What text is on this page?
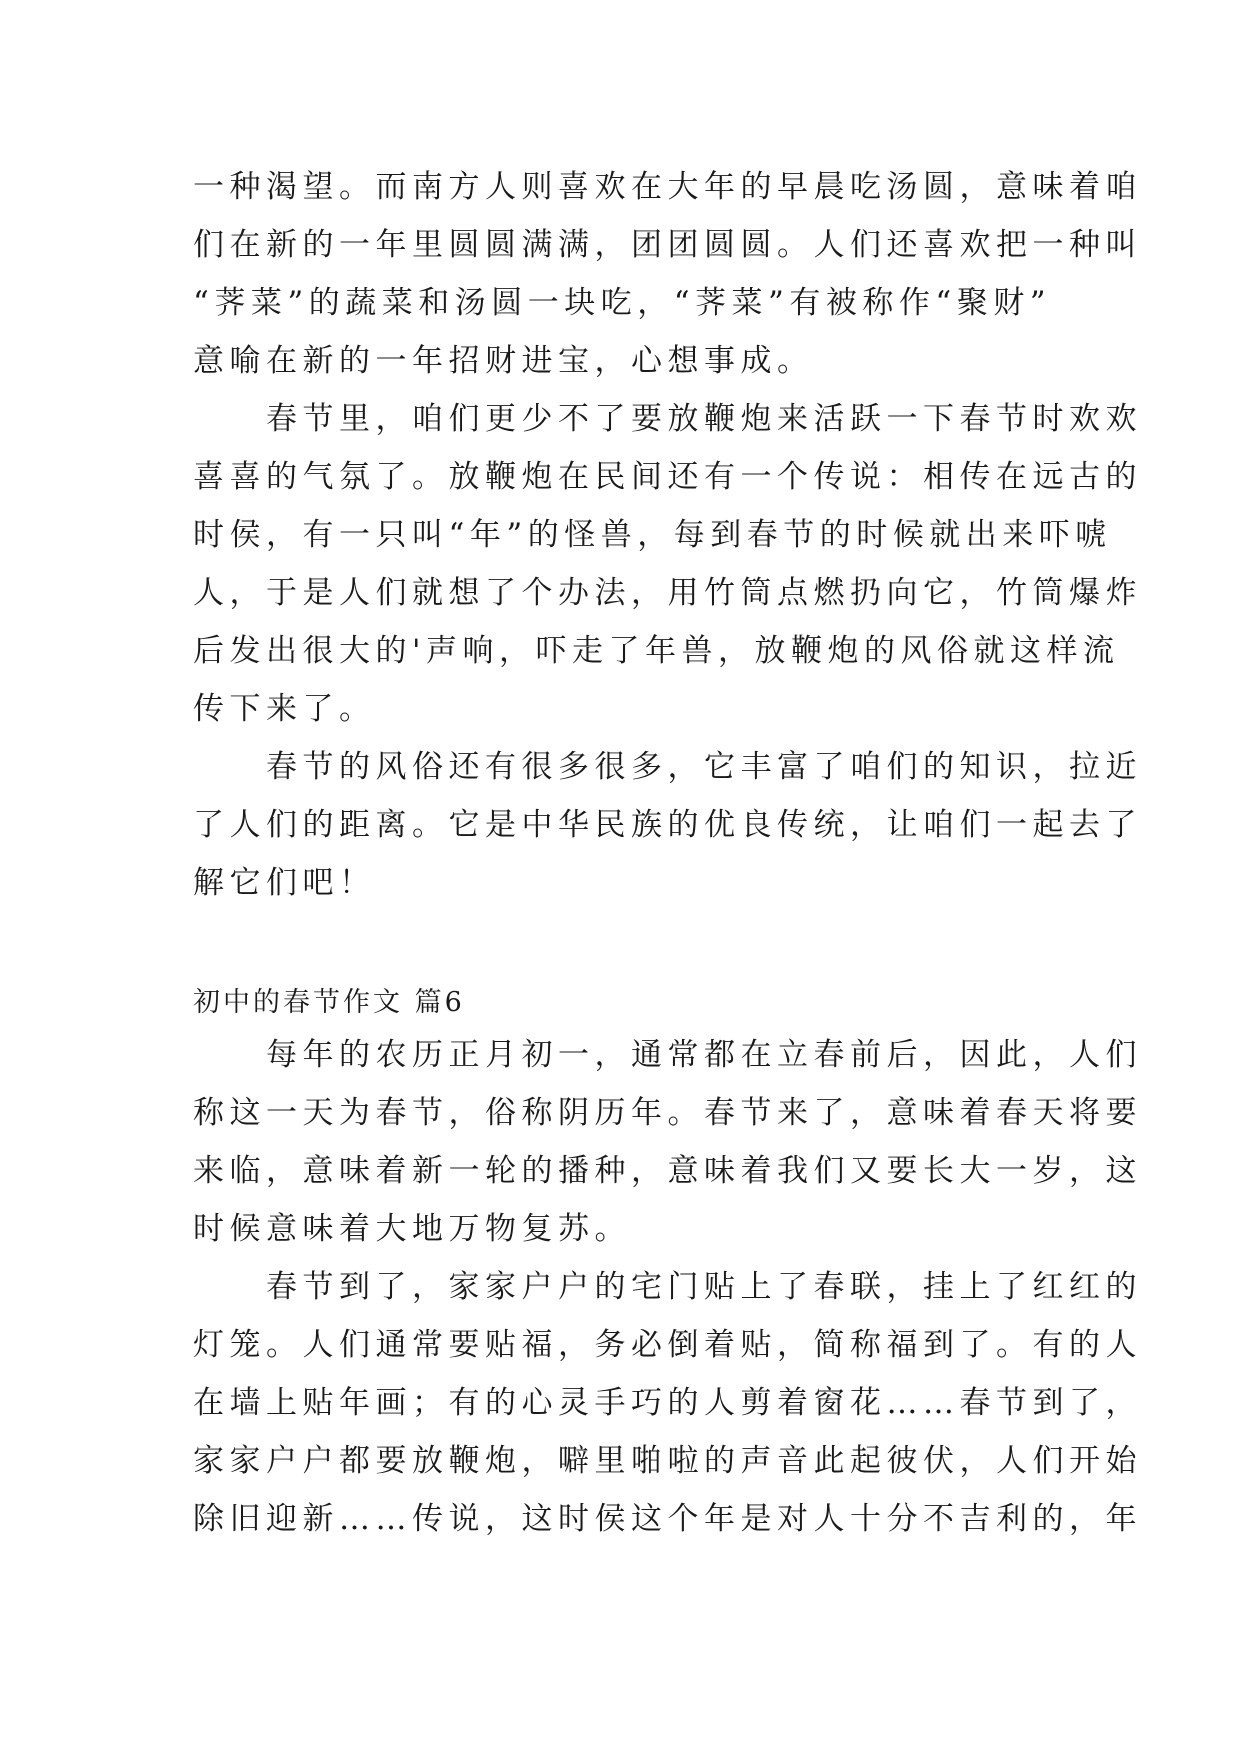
一种渴望。而南方人则喜欢在大年的早晨吃汤圆，意味着咱
们在新的一年里圆圆满满，团团圆圆。人们还喜欢把一种叫
“荠菜”的蔬菜和汤圆一块吃，“荠菜”有被称作“聚财”
意喻在新的一年招财进宝，心想事成。
　　春节里，咱们更少不了要放鞭炮来活跃一下春节时欢欢
喜喜的气氛了。放鞭炮在民间还有一个传说：相传在远古的
时侯，有一只叫“年”的怪兽，每到春节的时候就出来吓唬
人，于是人们就想了个办法，用竹筒点燃扔向它，竹筒爆炸
后发出很大的'声响，吓走了年兽，放鞭炮的风俗就这样流
传下来了。
　　春节的风俗还有很多很多，它丰富了咱们的知识，拉近
了人们的距离。它是中华民族的优良传统，让咱们一起去了
解它们吧！
初中的春节作文 篇6
　　每年的农历正月初一，通常都在立春前后，因此，人们
称这一天为春节，俗称阴历年。春节来了，意味着春天将要
来临，意味着新一轮的播种，意味着我们又要长大一岁，这
时候意味着大地万物复苏。
　　春节到了，家家户户的宅门贴上了春联，挂上了红红的
灯笼。人们通常要贴福，务必倒着贴，简称福到了。有的人
在墙上贴年画；有的心灵手巧的人剪着窗花……春节到了，
家家户户都要放鞭炮，噼里啪啦的声音此起彼伏，人们开始
除旧迎新……传说，这时侯这个年是对人十分不吉利的，年
